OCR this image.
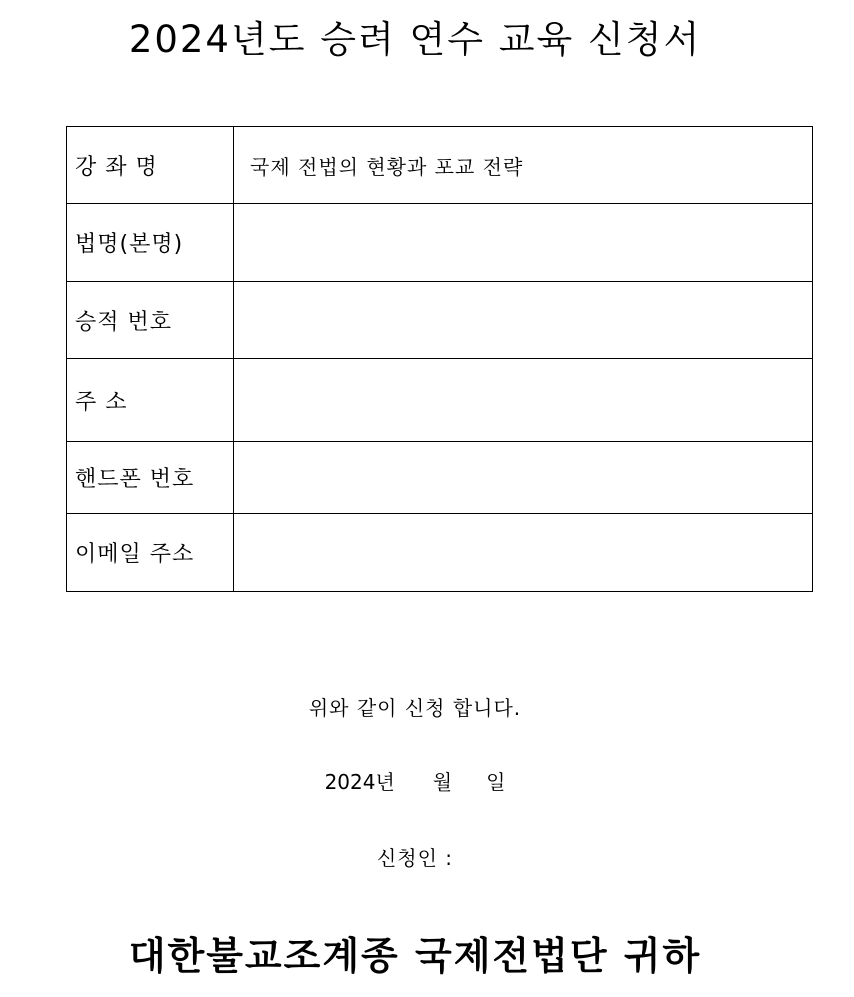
2024년도 승려 연수 교육 신청서
강 좌 명	국제 전법의 현황과 포교 전략
법명(본명)	
승적 번호	
주 소	
핸드폰 번호	
이메일 주소	

위와 같이 신청 합니다.

2024년 월 일

신청인 :

대한불교조계종 국제전법단 귀하
